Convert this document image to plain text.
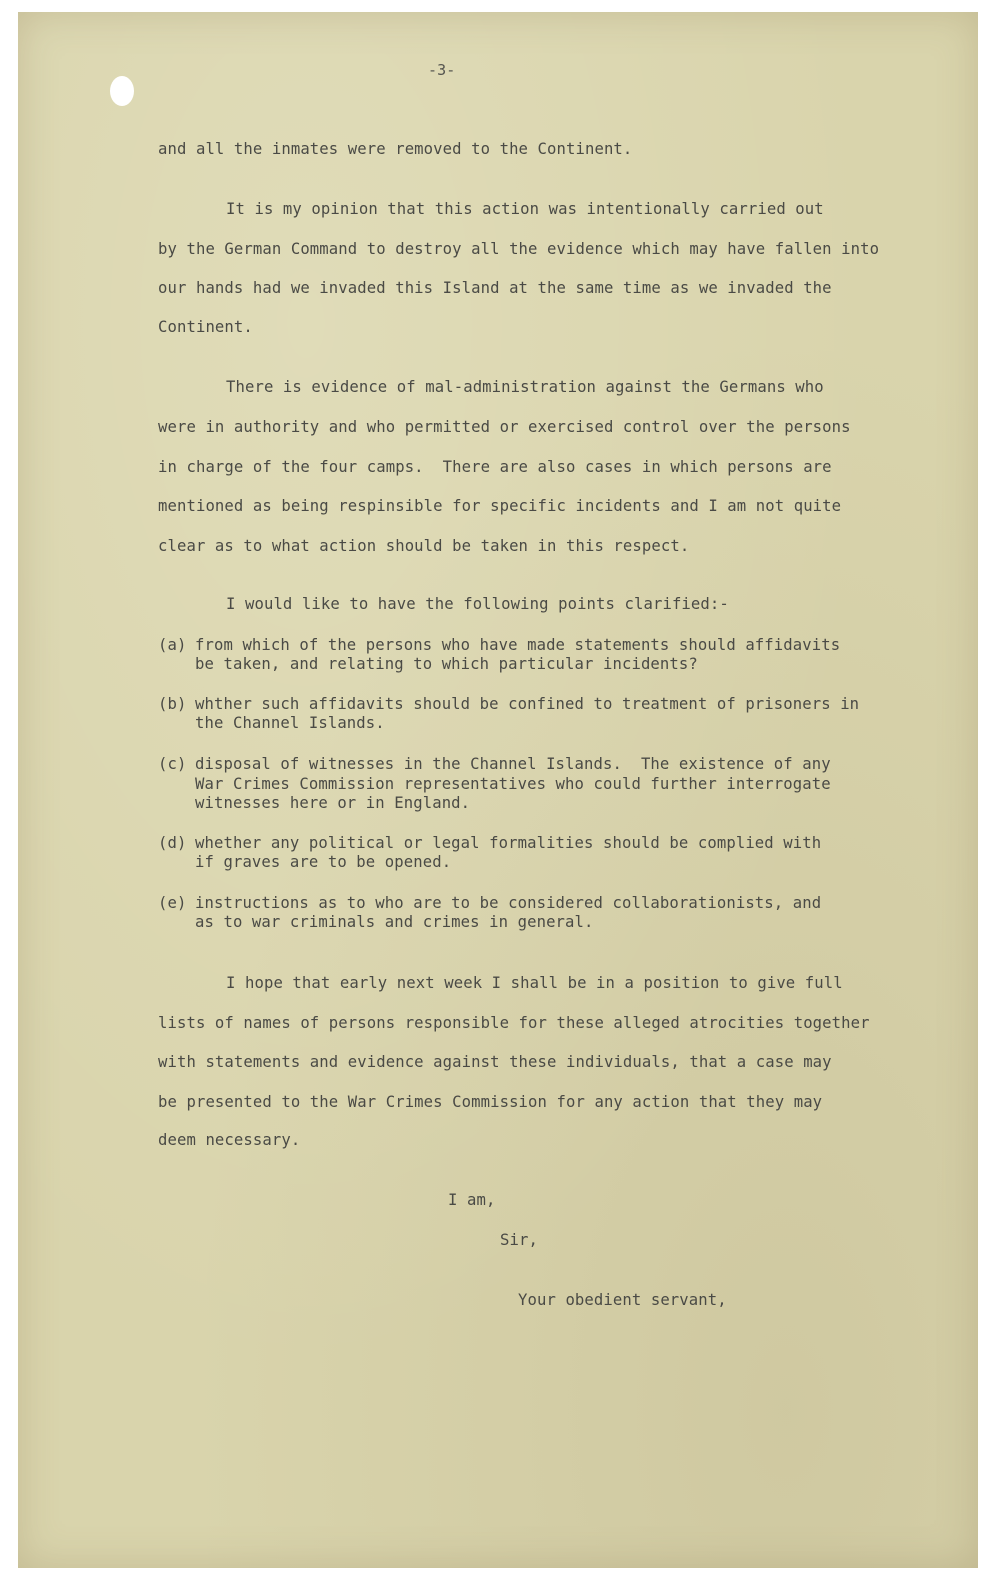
-3-
and all the inmates were removed to the Continent.
It is my opinion that this action was intentionally carried out
by the German Command to destroy all the evidence which may have fallen into
our hands had we invaded this Island at the same time as we invaded the
Continent.
There is evidence of mal-administration against the Germans who
were in authority and who permitted or exercised control over the persons
in charge of the four camps.  There are also cases in which persons are
mentioned as being respinsible for specific incidents and I am not quite
clear as to what action should be taken in this respect.
I would like to have the following points clarified:-
(a) from which of the persons who have made statements should affidavits
be taken, and relating to which particular incidents?
(b) whther such affidavits should be confined to treatment of prisoners in
the Channel Islands.
(c) disposal of witnesses in the Channel Islands.  The existence of any
War Crimes Commission representatives who could further interrogate
witnesses here or in England.
(d) whether any political or legal formalities should be complied with
if graves are to be opened.
(e) instructions as to who are to be considered collaborationists, and
as to war criminals and crimes in general.
I hope that early next week I shall be in a position to give full
lists of names of persons responsible for these alleged atrocities together
with statements and evidence against these individuals, that a case may
be presented to the War Crimes Commission for any action that they may
deem necessary.
I am,
Sir,
Your obedient servant,
